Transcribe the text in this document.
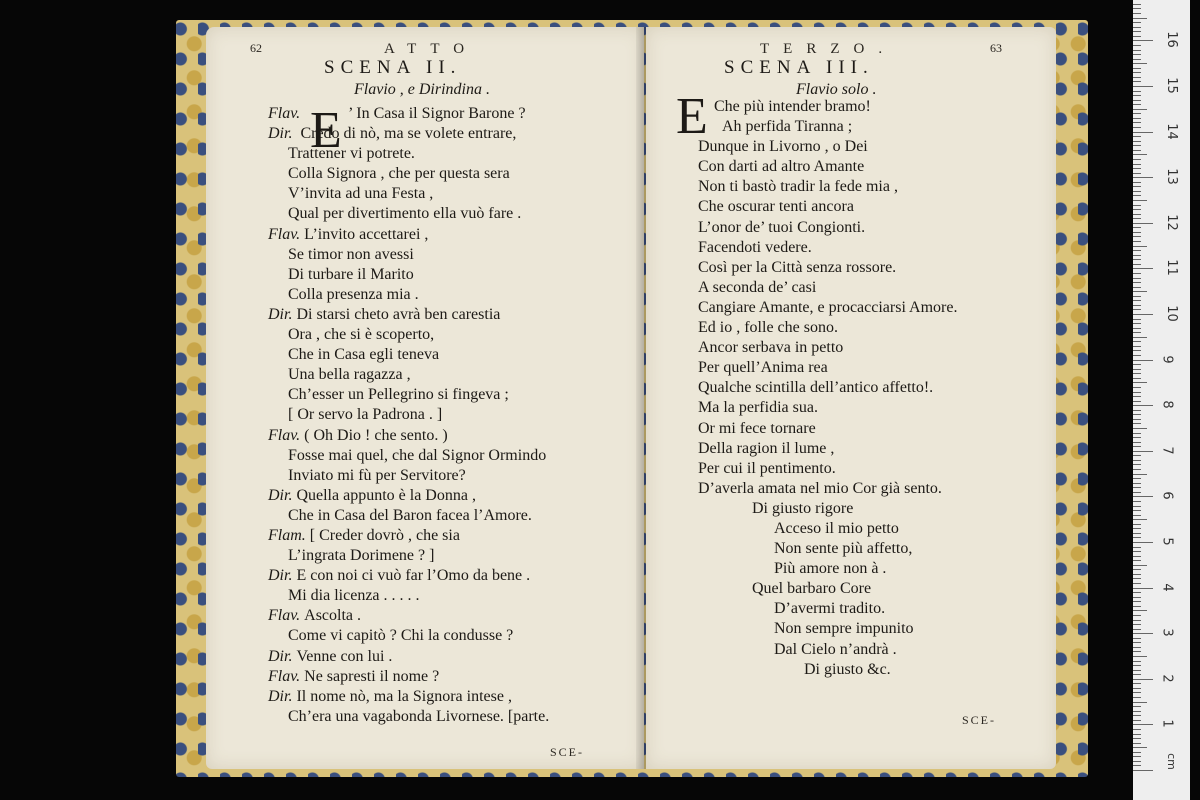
62	ATTO
SCENA II.
Flavio , e Dirindina .
E
Flav.	’ In Casa il Signor Barone ?
Dir. Credo di nò, ma se volete entrare,
Trattener vi potrete.
Colla Signora , che per questa sera
V’invita ad una Festa ,
Qual per divertimento ella vuò fare .
Flav. L’invito accettarei ,
Se timor non avessi
Di turbare il Marito
Colla presenza mia .
Dir. Di starsi cheto avrà ben carestia
Ora , che si è scoperto,
Che in Casa egli teneva
Una bella ragazza ,
Ch’esser un Pellegrino si fingeva ;
[ Or servo la Padrona . ]
Flav. ( Oh Dio ! che sento. )
Fosse mai quel, che dal Signor Ormindo
Inviato mi fù per Servitore?
Dir. Quella appunto è la Donna ,
Che in Casa del Baron facea l’Amore.
Flam. [ Creder dovrò , che sia
L’ingrata Dorimene ? ]
Dir. E con noi ci vuò far l’Omo da bene .
Mi dia licenza . . . . .
Flav. Ascolta .
Come vi capitò ? Chi la condusse ?
Dir. Venne con lui .
Flav. Ne sapresti il nome ?
Dir. Il nome nò, ma la Signora intese ,
Ch’era una vagabonda Livornese. [parte.
SCE-
TERZO.	63
SCENA III.
Flavio solo .
E Che più intender bramo!
Ah perfida Tiranna ;
Dunque in Livorno , o Dei
Con darti ad altro Amante
Non ti bastò tradir la fede mia ,
Che oscurar tenti ancora
L’onor de’ tuoi Congionti.
Facendoti vedere.
Così per la Città senza rossore.
A seconda de’ casi
Cangiare Amante, e procacciarsi Amore.
Ed io , folle che sono.
Ancor serbava in petto
Per quell’Anima rea
Qualche scintilla dell’antico affetto!.
Ma la perfidia sua.
Or mi fece tornare
Della ragion il lume ,
Per cui il pentimento.
D’averla amata nel mio Cor già sento.
Di giusto rigore
Acceso il mio petto
Non sente più affetto,
Più amore non à .
Quel barbaro Core
D’avermi tradito.
Non sempre impunito
Dal Cielo n’andrà .
Di giusto &c.
SCE-
cm
1
2
3
4
5
6
7
8
9
10
11
12
13
14
15
16
